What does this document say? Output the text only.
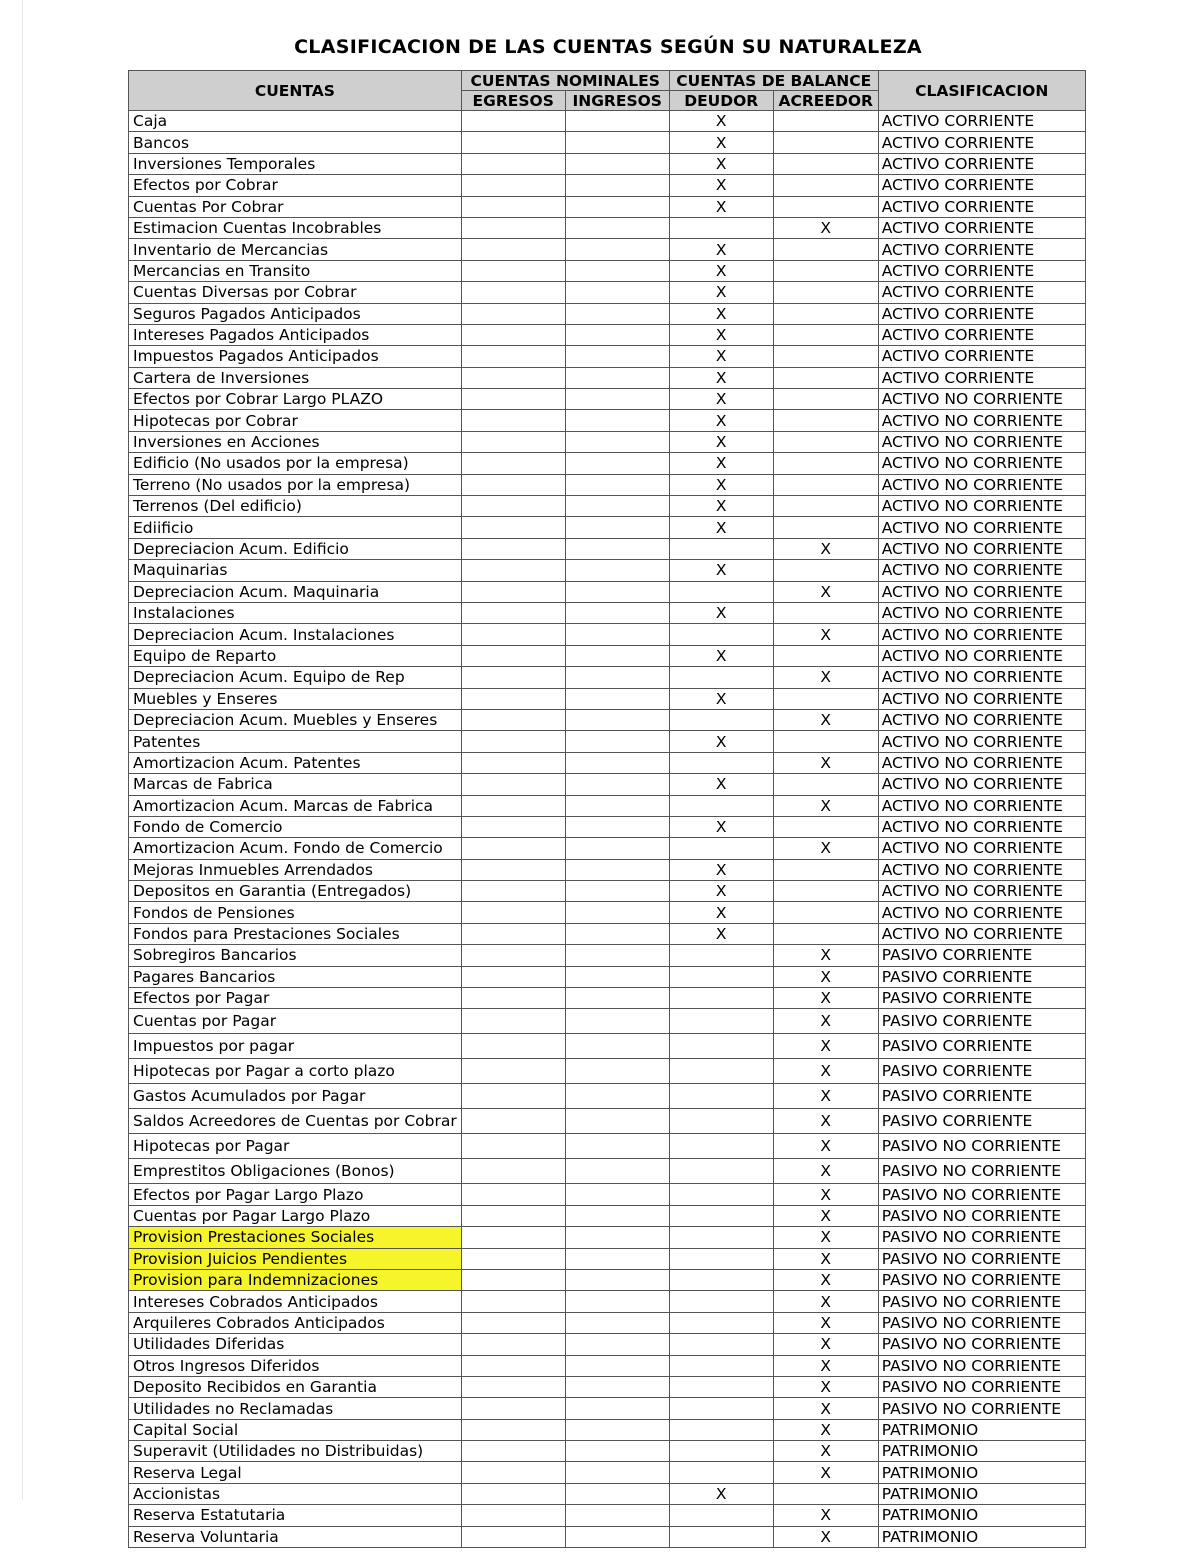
CLASIFICACION DE LAS CUENTAS SEGÚN SU NATURALEZA
CUENTAS	CUENTAS NOMINALES		CUENTAS DE BALANCE		CLASIFICACION
	EGRESOS	INGRESOS	DEUDOR	ACREEDOR	
Caja			X		ACTIVO CORRIENTE
Bancos			X		ACTIVO CORRIENTE
Inversiones Temporales			X		ACTIVO CORRIENTE
Efectos por Cobrar			X		ACTIVO CORRIENTE
Cuentas Por Cobrar			X		ACTIVO CORRIENTE
Estimacion Cuentas Incobrables				X	ACTIVO CORRIENTE
Inventario de Mercancias			X		ACTIVO CORRIENTE
Mercancias en Transito			X		ACTIVO CORRIENTE
Cuentas Diversas por Cobrar			X		ACTIVO CORRIENTE
Seguros Pagados Anticipados			X		ACTIVO CORRIENTE
Intereses Pagados Anticipados			X		ACTIVO CORRIENTE
Impuestos Pagados Anticipados			X		ACTIVO CORRIENTE
Cartera de Inversiones			X		ACTIVO CORRIENTE
Efectos por Cobrar Largo PLAZO			X		ACTIVO NO CORRIENTE
Hipotecas por Cobrar			X		ACTIVO NO CORRIENTE
Inversiones en Acciones			X		ACTIVO NO CORRIENTE
Edificio (No usados por la empresa)			X		ACTIVO NO CORRIENTE
Terreno (No usados por la empresa)			X		ACTIVO NO CORRIENTE
Terrenos (Del edificio)			X		ACTIVO NO CORRIENTE
Ediificio			X		ACTIVO NO CORRIENTE
Depreciacion Acum. Edificio				X	ACTIVO NO CORRIENTE
Maquinarias			X		ACTIVO NO CORRIENTE
Depreciacion Acum. Maquinaria				X	ACTIVO NO CORRIENTE
Instalaciones			X		ACTIVO NO CORRIENTE
Depreciacion Acum. Instalaciones				X	ACTIVO NO CORRIENTE
Equipo de Reparto			X		ACTIVO NO CORRIENTE
Depreciacion Acum. Equipo de Rep				X	ACTIVO NO CORRIENTE
Muebles y Enseres			X		ACTIVO NO CORRIENTE
Depreciacion Acum. Muebles y Enseres				X	ACTIVO NO CORRIENTE
Patentes			X		ACTIVO NO CORRIENTE
Amortizacion Acum. Patentes				X	ACTIVO NO CORRIENTE
Marcas de Fabrica			X		ACTIVO NO CORRIENTE
Amortizacion Acum. Marcas de Fabrica				X	ACTIVO NO CORRIENTE
Fondo de Comercio			X		ACTIVO NO CORRIENTE
Amortizacion Acum. Fondo de Comercio				X	ACTIVO NO CORRIENTE
Mejoras Inmuebles Arrendados			X		ACTIVO NO CORRIENTE
Depositos en Garantia (Entregados)			X		ACTIVO NO CORRIENTE
Fondos de Pensiones			X		ACTIVO NO CORRIENTE
Fondos para Prestaciones Sociales			X		ACTIVO NO CORRIENTE
Sobregiros Bancarios				X	PASIVO CORRIENTE
Pagares Bancarios				X	PASIVO CORRIENTE
Efectos por Pagar				X	PASIVO CORRIENTE
Cuentas por Pagar				X	PASIVO CORRIENTE
Impuestos por pagar				X	PASIVO CORRIENTE
Hipotecas por Pagar a corto plazo				X	PASIVO CORRIENTE
Gastos Acumulados por Pagar				X	PASIVO CORRIENTE
Saldos Acreedores de Cuentas por Cobrar				X	PASIVO CORRIENTE
Hipotecas por Pagar				X	PASIVO NO CORRIENTE
Emprestitos Obligaciones (Bonos)				X	PASIVO NO CORRIENTE
Efectos por Pagar Largo Plazo				X	PASIVO NO CORRIENTE
Cuentas por Pagar Largo Plazo				X	PASIVO NO CORRIENTE
Provision Prestaciones Sociales				X	PASIVO NO CORRIENTE
Provision Juicios Pendientes				X	PASIVO NO CORRIENTE
Provision para Indemnizaciones				X	PASIVO NO CORRIENTE
Intereses Cobrados Anticipados				X	PASIVO NO CORRIENTE
Arquileres Cobrados Anticipados				X	PASIVO NO CORRIENTE
Utilidades Diferidas				X	PASIVO NO CORRIENTE
Otros Ingresos Diferidos				X	PASIVO NO CORRIENTE
Deposito Recibidos en Garantia				X	PASIVO NO CORRIENTE
Utilidades no Reclamadas				X	PASIVO NO CORRIENTE
Capital Social				X	PATRIMONIO
Superavit (Utilidades no Distribuidas)				X	PATRIMONIO
Reserva Legal				X	PATRIMONIO
Accionistas			X		PATRIMONIO
Reserva Estatutaria				X	PATRIMONIO
Reserva Voluntaria				X	PATRIMONIO
